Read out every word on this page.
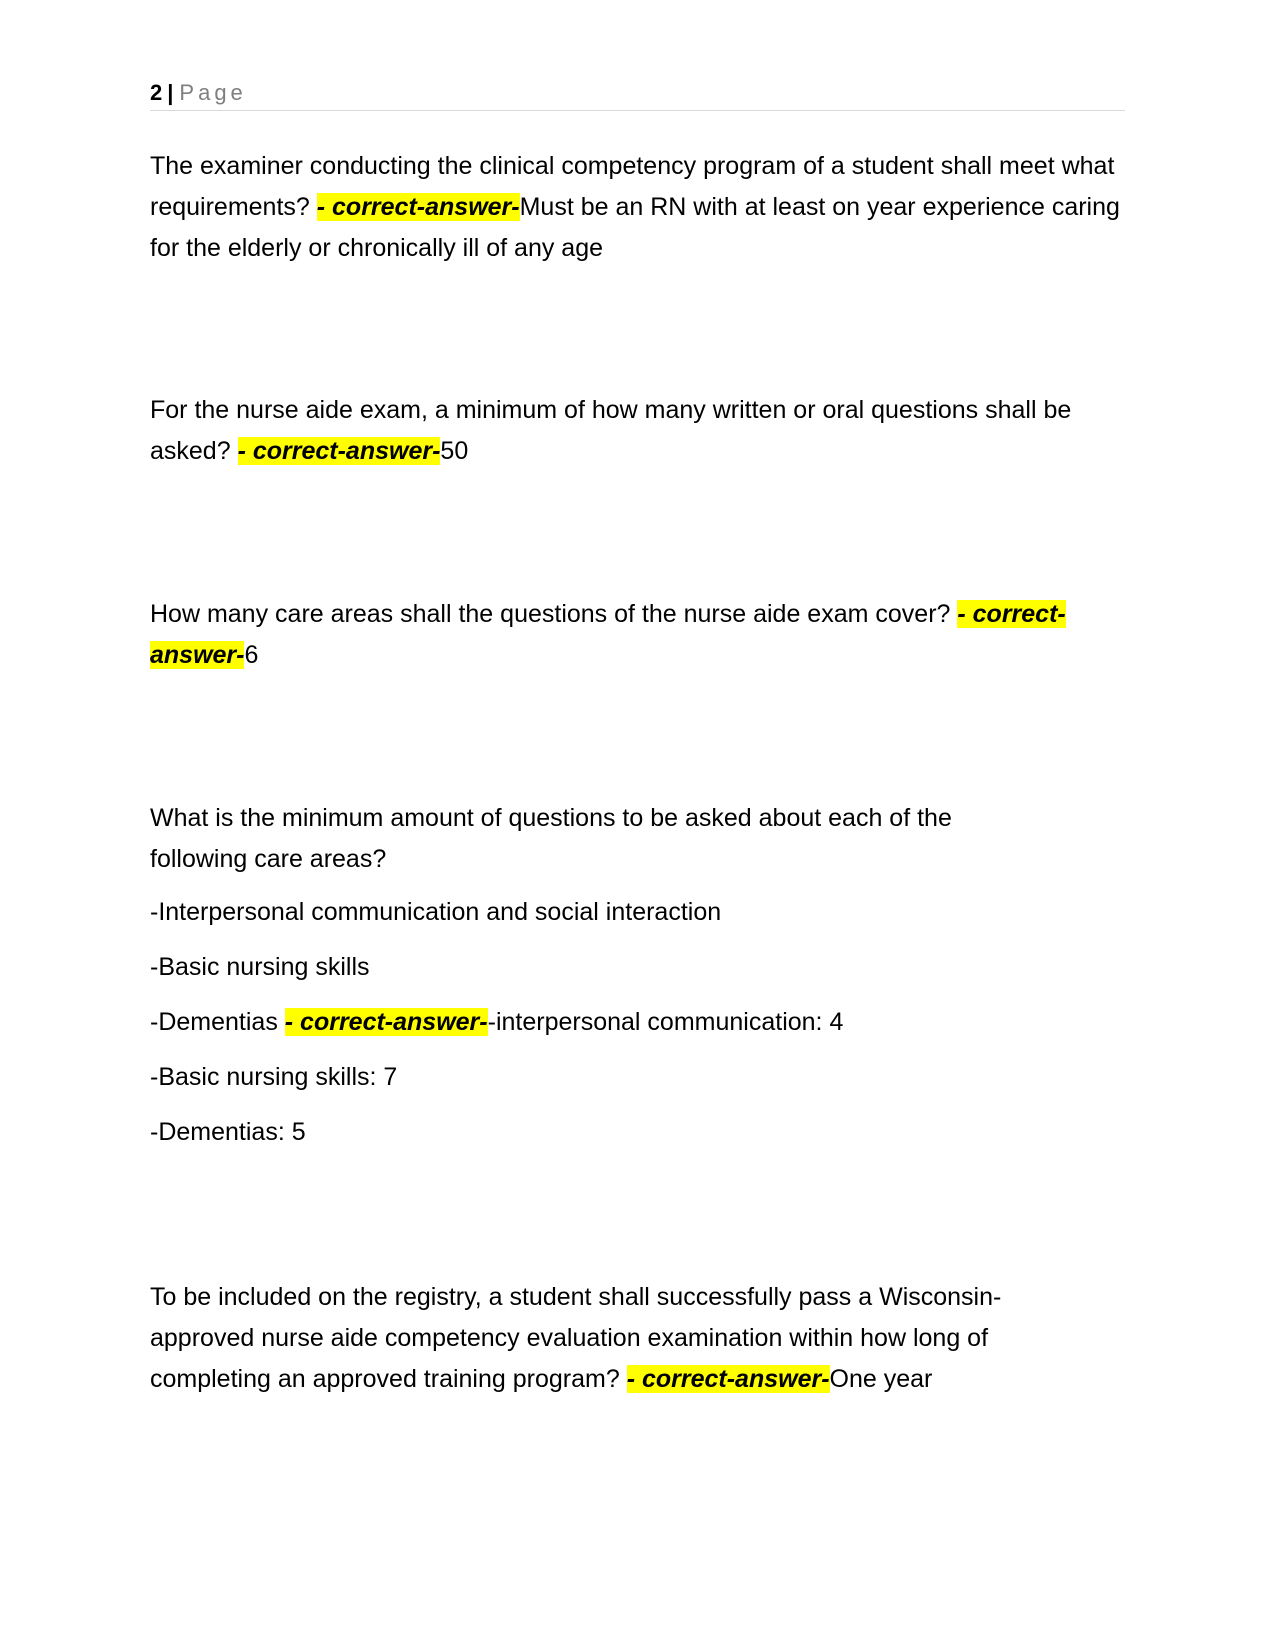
2 | Page

The examiner conducting the clinical competency program of a student shall meet what requirements? - correct-answer-Must be an RN with at least on year experience caring for the elderly or chronically ill of any age

For the nurse aide exam, a minimum of how many written or oral questions shall be asked? - correct-answer-50

How many care areas shall the questions of the nurse aide exam cover? - correct-answer-6

What is the minimum amount of questions to be asked about each of the following care areas?

-Interpersonal communication and social interaction

-Basic nursing skills

-Dementias - correct-answer--interpersonal communication: 4

-Basic nursing skills: 7

-Dementias: 5

To be included on the registry, a student shall successfully pass a Wisconsin-approved nurse aide competency evaluation examination within how long of completing an approved training program? - correct-answer-One year
